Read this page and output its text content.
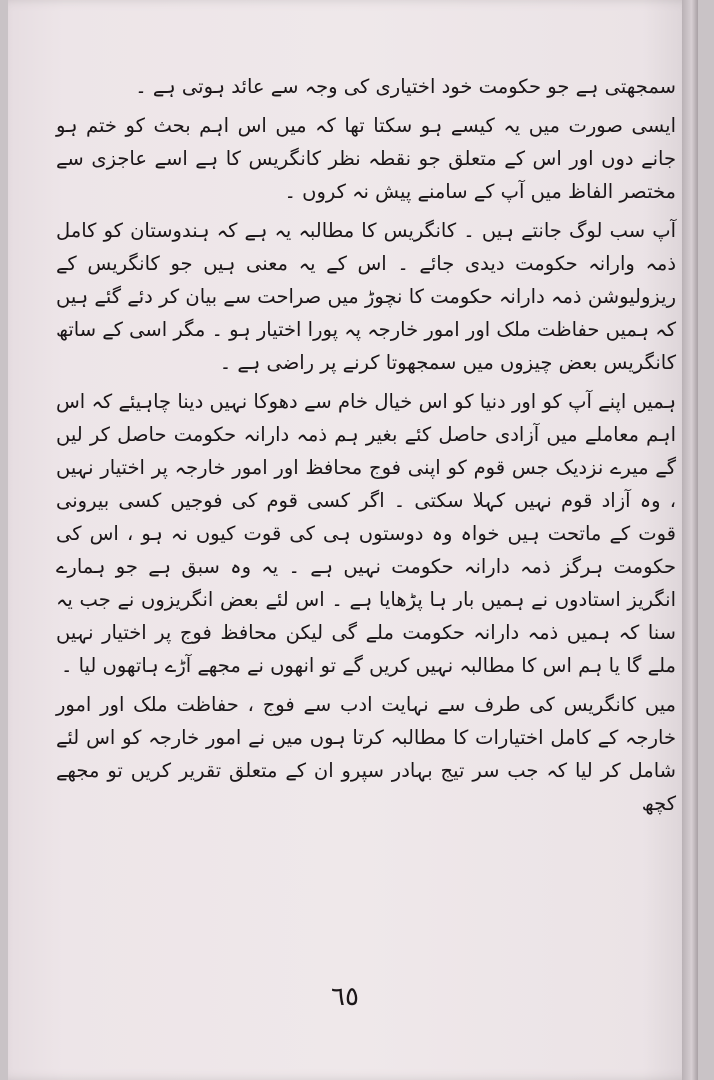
سمجھتی ہے جو حکومت خود اختیاری کی وجہ سے عائد ہوتی ہے ۔

ایسی صورت میں یہ کیسے ہو سکتا تھا کہ میں اس اہم بحث کو ختم ہو جانے دوں اور اس کے متعلق جو نقطہ نظر کانگریس کا ہے اسے عاجزی سے مختصر الفاظ میں آپ کے سامنے پیش نہ کروں ۔

آپ سب لوگ جانتے ہیں ۔ کانگریس کا مطالبہ یہ ہے کہ ہندوستان کو کامل ذمہ وارانہ حکومت دیدی جائے ۔ اس کے یہ معنی ہیں جو کانگریس کے ریزولیوشن ذمہ دارانہ حکومت کا نچوڑ میں صراحت سے بیان کر دئے گئے ہیں کہ ہمیں حفاظت ملک اور امور خارجہ پہ پورا اختیار ہو ۔ مگر اسی کے ساتھ کانگریس بعض چیزوں میں سمجھوتا کرنے پر راضی ہے ۔

ہمیں اپنے آپ کو اور دنیا کو اس خیال خام سے دھوکا نہیں دینا چاہیئے کہ اس اہم معاملے میں آزادی حاصل کئے بغیر ہم ذمہ دارانہ حکومت حاصل کر لیں گے میرے نزدیک جس قوم کو اپنی فوج محافظ اور امور خارجہ پر اختیار نہیں ، وہ آزاد قوم نہیں کہلا سکتی ۔ اگر کسی قوم کی فوجیں کسی بیرونی قوت کے ماتحت ہیں خواہ وہ دوستوں ہی کی قوت کیوں نہ ہو ، اس کی حکومت ہرگز ذمہ دارانہ حکومت نہیں ہے ۔ یہ وہ سبق ہے جو ہمارے انگریز استادوں نے ہمیں بار ہا پڑھایا ہے ۔ اس لئے بعض انگریزوں نے جب یہ سنا کہ ہمیں ذمہ دارانہ حکومت ملے گی لیکن محافظ فوج پر اختیار نہیں ملے گا یا ہم اس کا مطالبہ نہیں کریں گے تو انھوں نے مجھے آڑے ہاتھوں لیا ۔

میں کانگریس کی طرف سے نہایت ادب سے فوج ، حفاظت ملک اور امور خارجہ کے کامل اختیارات کا مطالبہ کرتا ہوں میں نے امور خارجہ کو اس لئے شامل کر لیا کہ جب سر تیج بہادر سپرو ان کے متعلق تقریر کریں تو مجھے کچھ

٦٥
